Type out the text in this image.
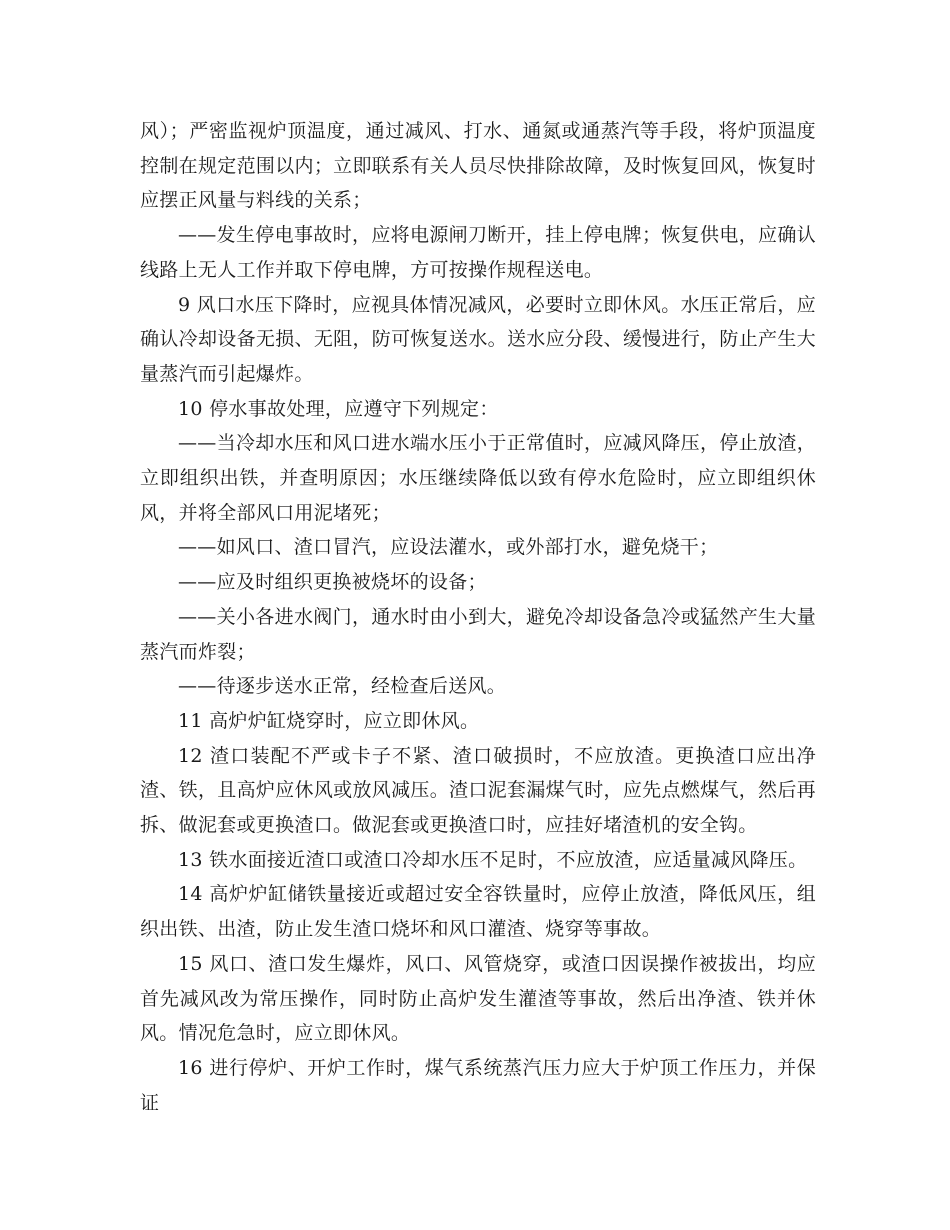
风）；严密监视炉顶温度，通过减风、打水、通氮或通蒸汽等手段，将炉顶温度控制在规定范围以内；立即联系有关人员尽快排除故障，及时恢复回风，恢复时应摆正风量与料线的关系；

——发生停电事故时，应将电源闸刀断开，挂上停电牌；恢复供电，应确认线路上无人工作并取下停电牌，方可按操作规程送电。

9 风口水压下降时，应视具体情况减风，必要时立即休风。水压正常后，应确认冷却设备无损、无阻，防可恢复送水。送水应分段、缓慢进行，防止产生大量蒸汽而引起爆炸。

10 停水事故处理，应遵守下列规定：

——当冷却水压和风口进水端水压小于正常值时，应减风降压，停止放渣，立即组织出铁，并查明原因；水压继续降低以致有停水危险时，应立即组织休风，并将全部风口用泥堵死；

——如风口、渣口冒汽，应设法灌水，或外部打水，避免烧干；

——应及时组织更换被烧坏的设备；

——关小各进水阀门，通水时由小到大，避免冷却设备急冷或猛然产生大量蒸汽而炸裂；

——待逐步送水正常，经检查后送风。

11 高炉炉缸烧穿时，应立即休风。

12 渣口装配不严或卡子不紧、渣口破损时，不应放渣。更换渣口应出净渣、铁，且高炉应休风或放风减压。渣口泥套漏煤气时，应先点燃煤气，然后再拆、做泥套或更换渣口。做泥套或更换渣口时，应挂好堵渣机的安全钩。

13 铁水面接近渣口或渣口冷却水压不足时，不应放渣，应适量减风降压。

14 高炉炉缸储铁量接近或超过安全容铁量时，应停止放渣，降低风压，组织出铁、出渣，防止发生渣口烧坏和风口灌渣、烧穿等事故。

15 风口、渣口发生爆炸，风口、风管烧穿，或渣口因误操作被拔出，均应首先减风改为常压操作，同时防止高炉发生灌渣等事故，然后出净渣、铁并休风。情况危急时，应立即休风。

16 进行停炉、开炉工作时，煤气系统蒸汽压力应大于炉顶工作压力，并保证
